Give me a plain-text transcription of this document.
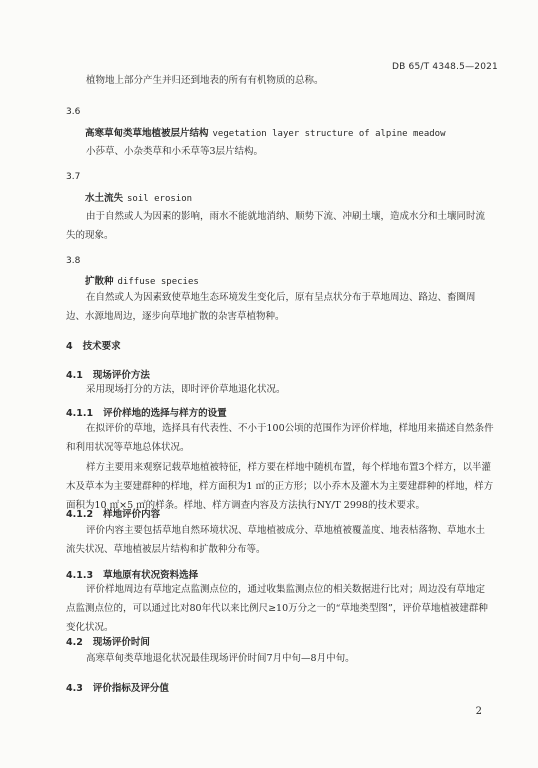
DB 65/T 4348.5—2021

植物地上部分产生并归还到地表的所有有机物质的总称。

3.6
高寒草甸类草地植被层片结构 vegetation layer structure of alpine meadow

小莎草、小杂类草和小禾草等3层片结构。

3.7
水土流失 soil erosion

由于自然或人为因素的影响，雨水不能就地消纳、顺势下流、冲刷土壤，造成水分和土壤同时流失的现象。

3.8
扩散种 diffuse species

在自然或人为因素致使草地生态环境发生变化后，原有呈点状分布于草地周边、路边、畜圈周边、水源地周边，逐步向草地扩散的杂害草植物种。

4 技术要求
4.1 现场评价方法

采用现场打分的方法，即时评价草地退化状况。

4.1.1 评价样地的选择与样方的设置

在拟评价的草地，选择具有代表性、不小于100公顷的范围作为评价样地，样地用来描述自然条件和利用状况等草地总体状况。

样方主要用来观察记载草地植被特征，样方要在样地中随机布置，每个样地布置3个样方，以半灌木及草本为主要建群种的样地，样方面积为1 ㎡的正方形；以小乔木及灌木为主要建群种的样地，样方面积为10 ㎡×5 ㎡的样条。样地、样方调查内容及方法执行NY/T 2998的技术要求。

4.1.2 样地评价内容

评价内容主要包括草地自然环境状况、草地植被成分、草地植被覆盖度、地表枯落物、草地水土流失状况、草地植被层片结构和扩散种分布等。

4.1.3 草地原有状况资料选择

评价样地周边有草地定点监测点位的，通过收集监测点位的相关数据进行比对；周边没有草地定点监测点位的，可以通过比对80年代以来比例尺≥10万分之一的“草地类型图”，评价草地植被建群种变化状况。

4.2 现场评价时间

高寒草甸类草地退化状况最佳现场评价时间7月中旬—8月中旬。

4.3 评价指标及评分值
2
